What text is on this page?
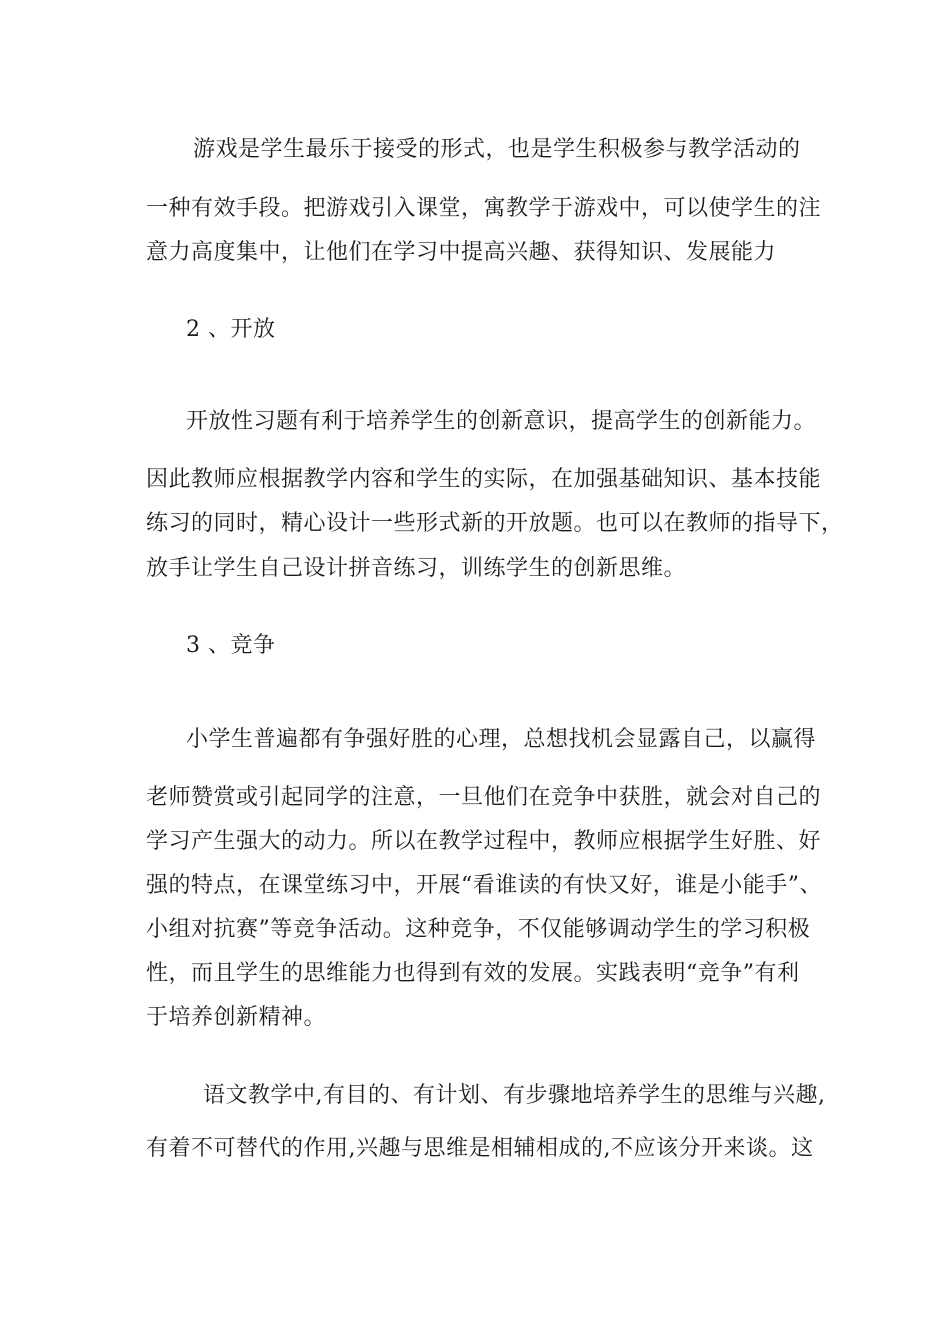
游戏是学生最乐于接受的形式，也是学生积极参与教学活动的
一种有效手段。把游戏引入课堂，寓教学于游戏中，可以使学生的注
意力高度集中，让他们在学习中提高兴趣、获得知识、发展能力
2 、开放
开放性习题有利于培养学生的创新意识，提高学生的创新能力。
因此教师应根据教学内容和学生的实际，在加强基础知识、基本技能
练习的同时，精心设计一些形式新的开放题。也可以在教师的指导下，
放手让学生自己设计拼音练习，训练学生的创新思维。
3 、竞争
小学生普遍都有争强好胜的心理，总想找机会显露自己，以赢得
老师赞赏或引起同学的注意，一旦他们在竞争中获胜，就会对自己的
学习产生强大的动力。所以在教学过程中，教师应根据学生好胜、好
强的特点，在课堂练习中，开展“看谁读的有快又好，谁是小能手”、
小组对抗赛”等竞争活动。这种竞争，不仅能够调动学生的学习积极
性，而且学生的思维能力也得到有效的发展。实践表明“竞争”有利
于培养创新精神。
语文教学中,有目的、有计划、有步骤地培养学生的思维与兴趣,
有着不可替代的作用,兴趣与思维是相辅相成的,不应该分开来谈。这
